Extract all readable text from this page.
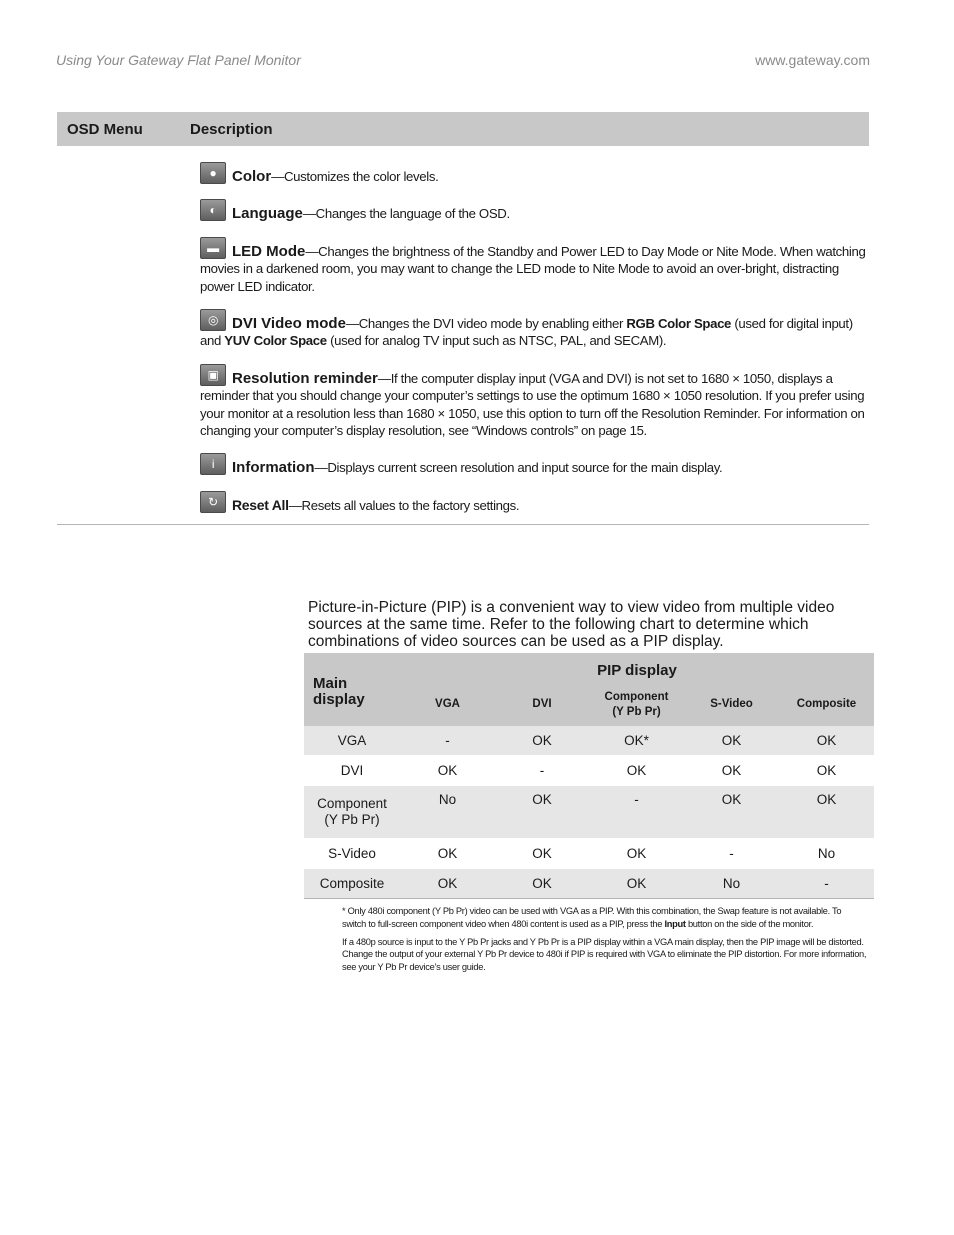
Using Your Gateway Flat Panel Monitor	www.gateway.com
OSD Menu	Description
●	Color—Customizes the color levels.
◐	Language—Changes the language of the OSD.
▬ LED Mode—Changes the brightness of the Standby and Power LED to Day Mode or Nite Mode. When watching movies in a darkened room, you may want to change the LED mode to Nite Mode to avoid an over-bright, distracting power LED indicator.
◎ DVI Video mode—Changes the DVI video mode by enabling either RGB Color Space (used for digital input) and YUV Color Space (used for analog TV input such as NTSC, PAL, and SECAM).
▣ Resolution reminder—If the computer display input (VGA and DVI) is not set to 1680 × 1050, displays a reminder that you should change your computer’s settings to use the optimum 1680 × 1050 resolution. If you prefer using your monitor at a resolution less than 1680 × 1050, use this option to turn off the Resolution Reminder. For information on changing your computer’s display resolution, see “Windows controls” on page 15.
i	Information—Displays current screen resolution and input source for the main display.
↻	Reset All—Resets all values to the factory settings.

Picture-in-Picture (PIP) is a convenient way to view video from multiple video sources at the same time. Refer to the following chart to determine which combinations of video sources can be used as a PIP display.

Main display	PIP display				
	VGA	DVI	Component (Y Pb Pr)	S-Video	Composite
VGA	-	OK	OK*	OK	OK
DVI	OK	-	OK	OK	OK
Component (Y Pb Pr)	No	OK	-	OK	OK
S-Video	OK	OK	OK	-	No
Composite	OK	OK	OK	No	-

* Only 480i component (Y Pb Pr) video can be used with VGA as a PIP. With this combination, the Swap feature is not available. To switch to full-screen component video when 480i content is used as a PIP, press the Input button on the side of the monitor.

If a 480p source is input to the Y Pb Pr jacks and Y Pb Pr is a PIP display within a VGA main display, then the PIP image will be distorted. Change the output of your external Y Pb Pr device to 480i if PIP is required with VGA to eliminate the PIP distortion. For more information, see your Y Pb Pr device’s user guide.
